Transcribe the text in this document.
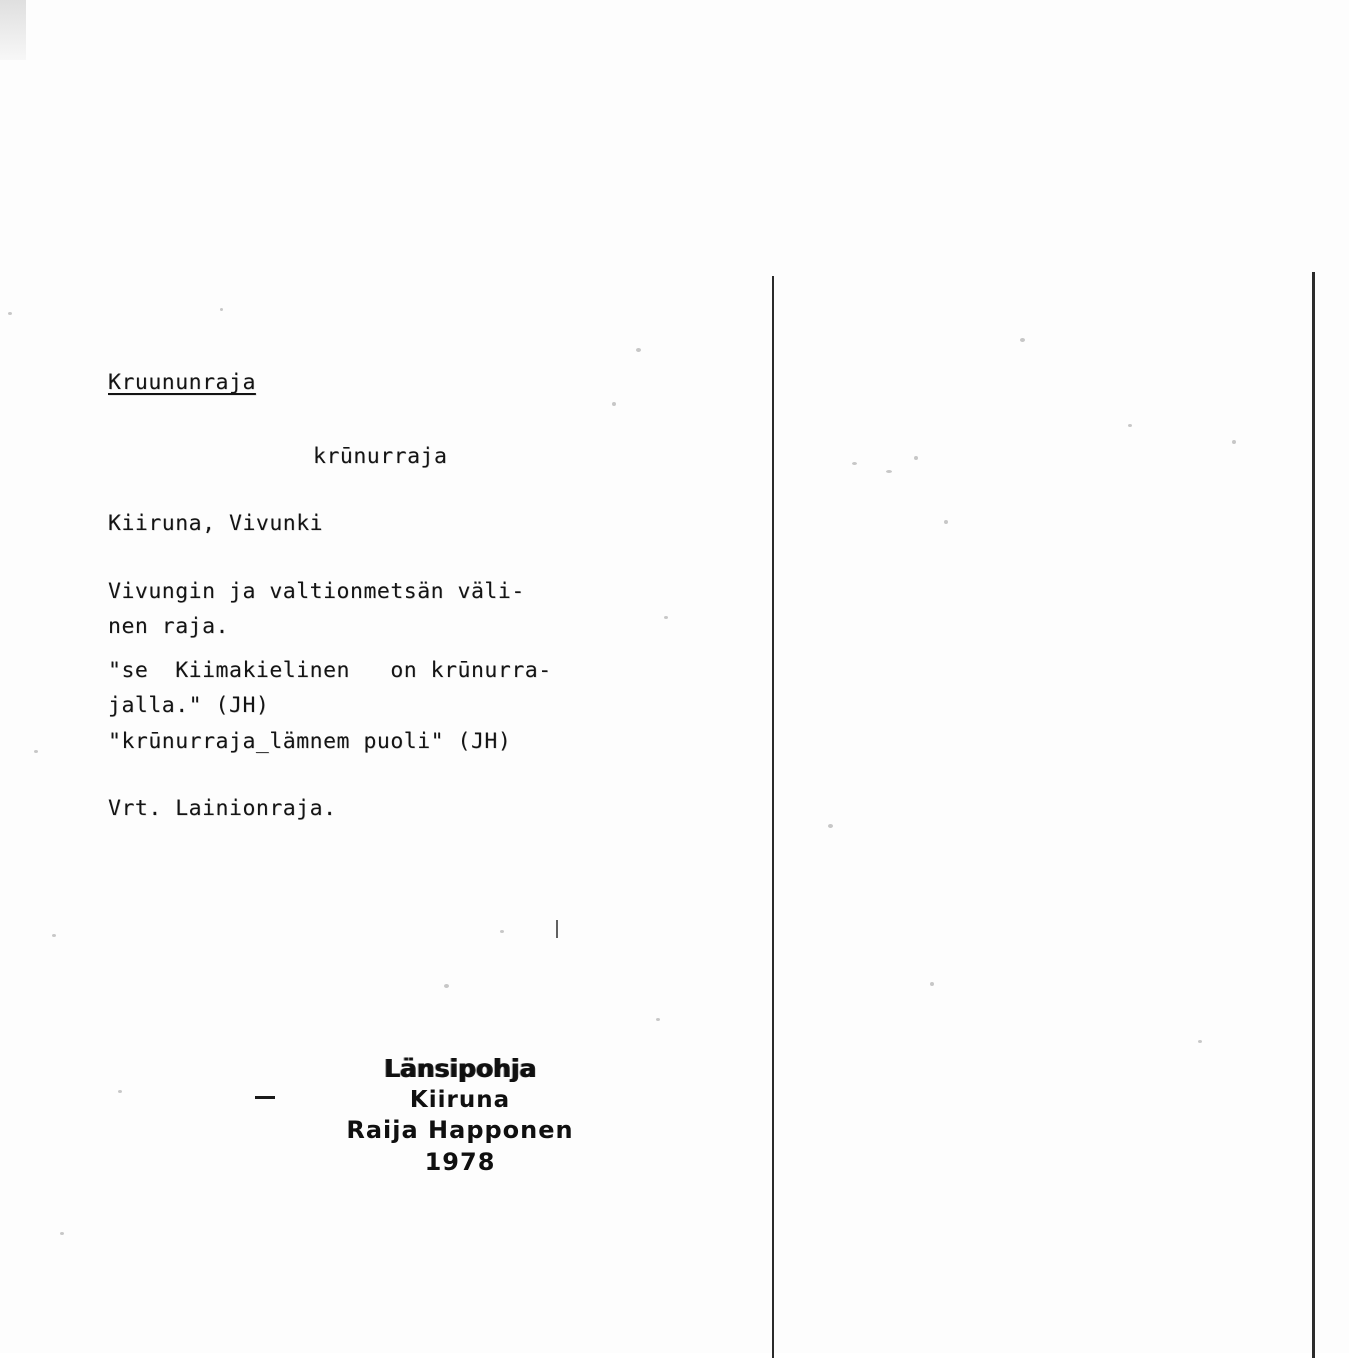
Kruununraja
krūnurraja
Kiiruna, Vivunki
Vivungin ja valtionmetsän väli-
nen raja.
"se  Kiimakielinen   on krūnurra-
jalla." (JH)
"krūnurraja_lämnem puoli" (JH)
Vrt. Lainionraja.
Länsipohja
Kiiruna
Raija Happonen
1978
